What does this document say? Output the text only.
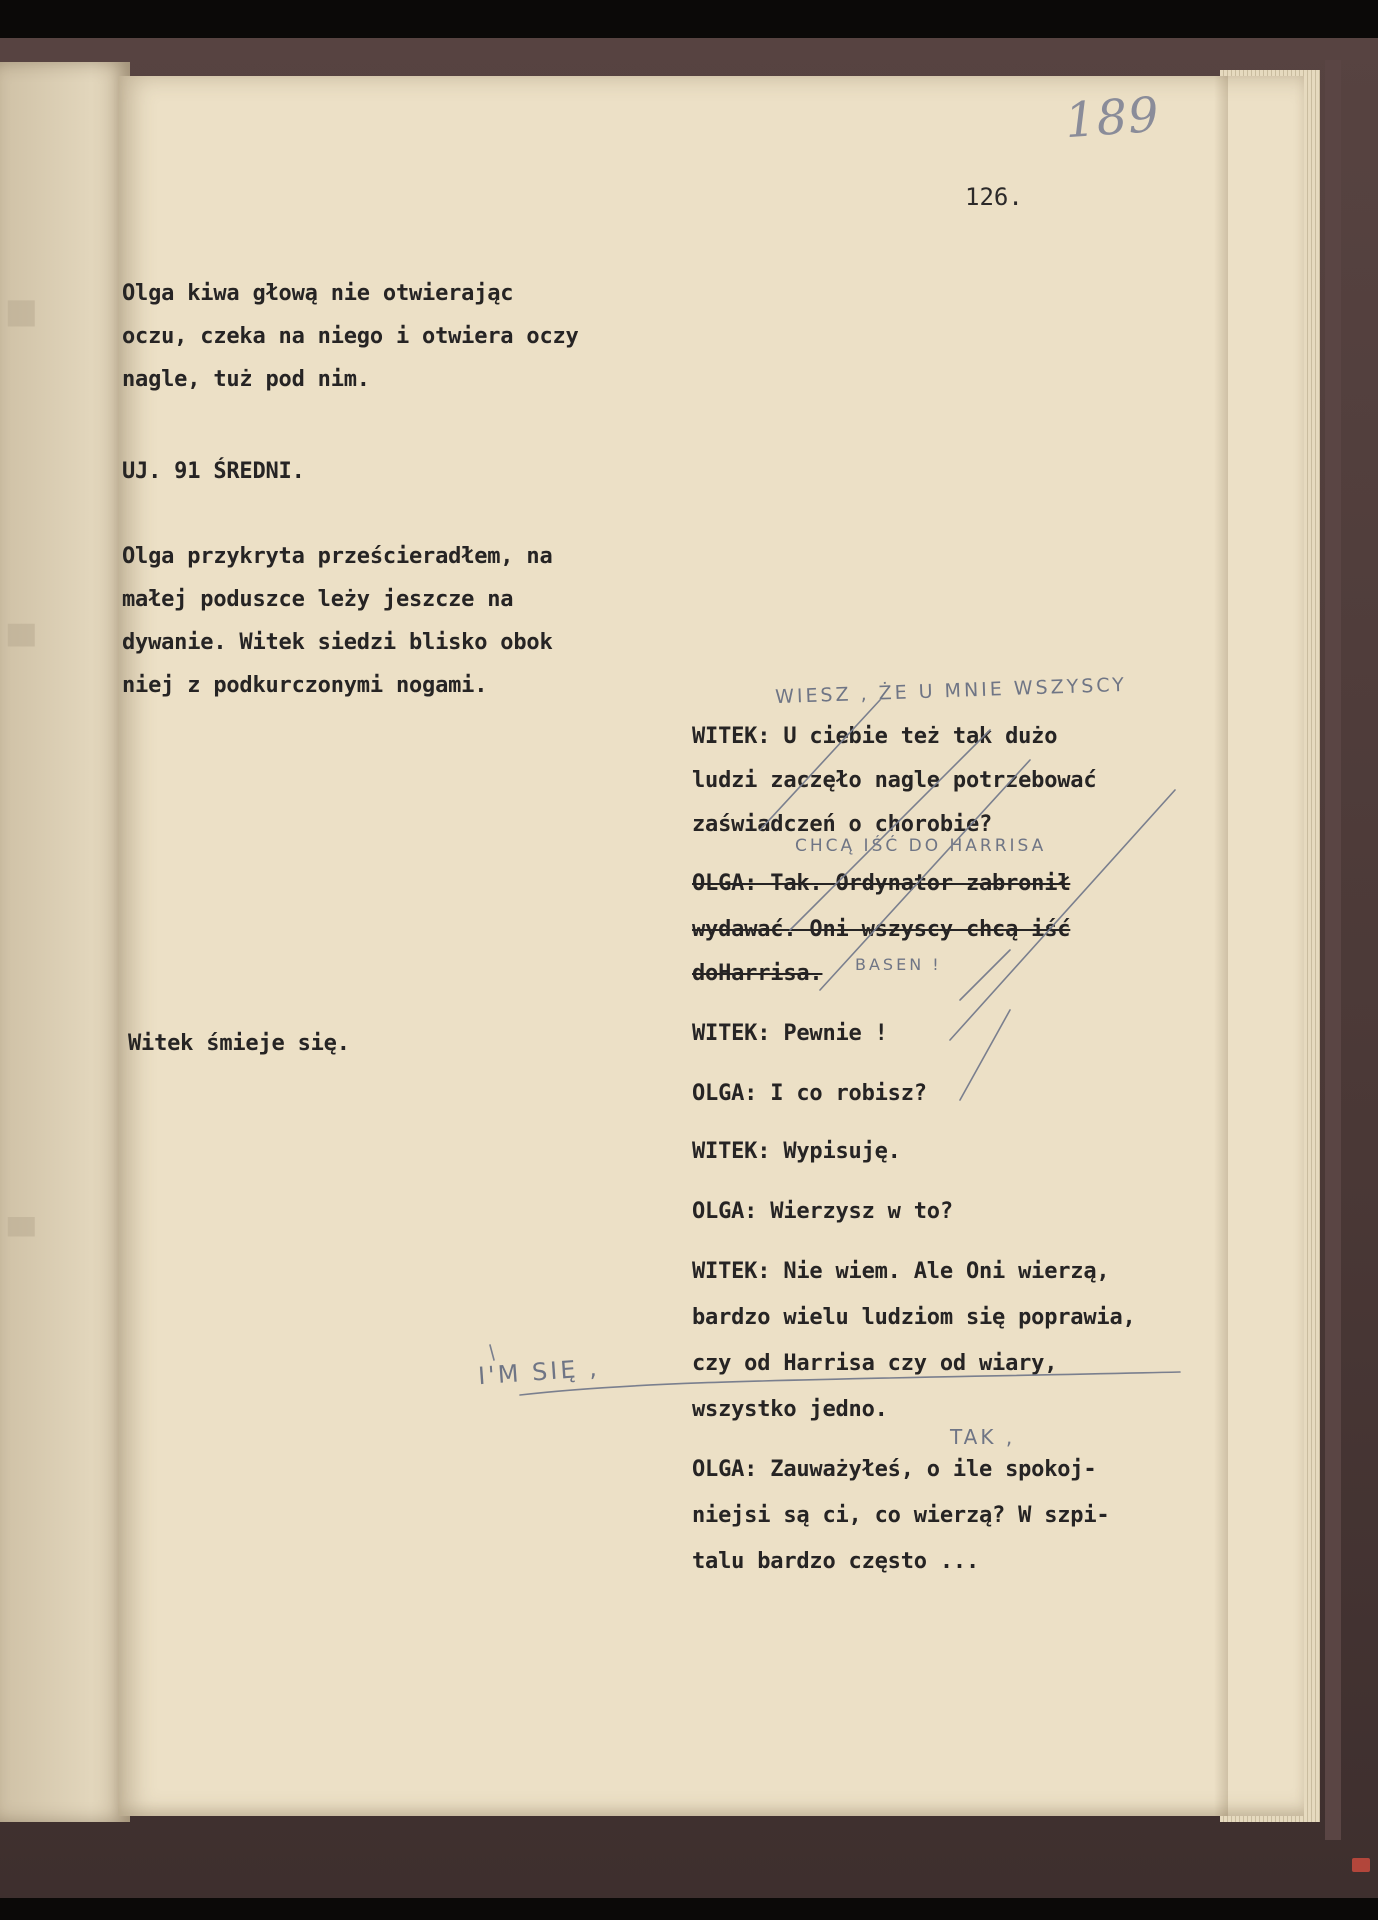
██
▇▇
▆▆
189
126.
Olga kiwa głową nie otwierając
oczu, czeka na niego i otwiera oczy
nagle, tuż pod nim.
UJ. 91 ŚREDNI.
Olga przykryta prześcieradłem, na
małej poduszce leży jeszcze na
dywanie. Witek siedzi blisko obok
niej z podkurczonymi nogami.
Witek śmieje się.
WITEK: U ciebie też tak dużo
ludzi zaczęło nagle potrzebować
zaświadczeń o chorobie?
OLGA: Tak. Ordynator zabronił
wydawać. Oni wszyscy chcą iść
doHarrisa.
WITEK: Pewnie !
OLGA: I co robisz?
WITEK: Wypisuję.
OLGA: Wierzysz w to?
WITEK: Nie wiem. Ale Oni wierzą,
bardzo wielu ludziom się poprawia,
czy od Harrisa czy od wiary,
wszystko jedno.
OLGA: Zauważyłeś, o ile spokoj-
niejsi są ci, co wierzą? W szpi-
talu bardzo często ...
WIESZ , ŻE U MNIE WSZYSCY
CHCĄ IŚĆ DO HARRISA
BASEN !
I'M SIĘ ,
TAK ,
